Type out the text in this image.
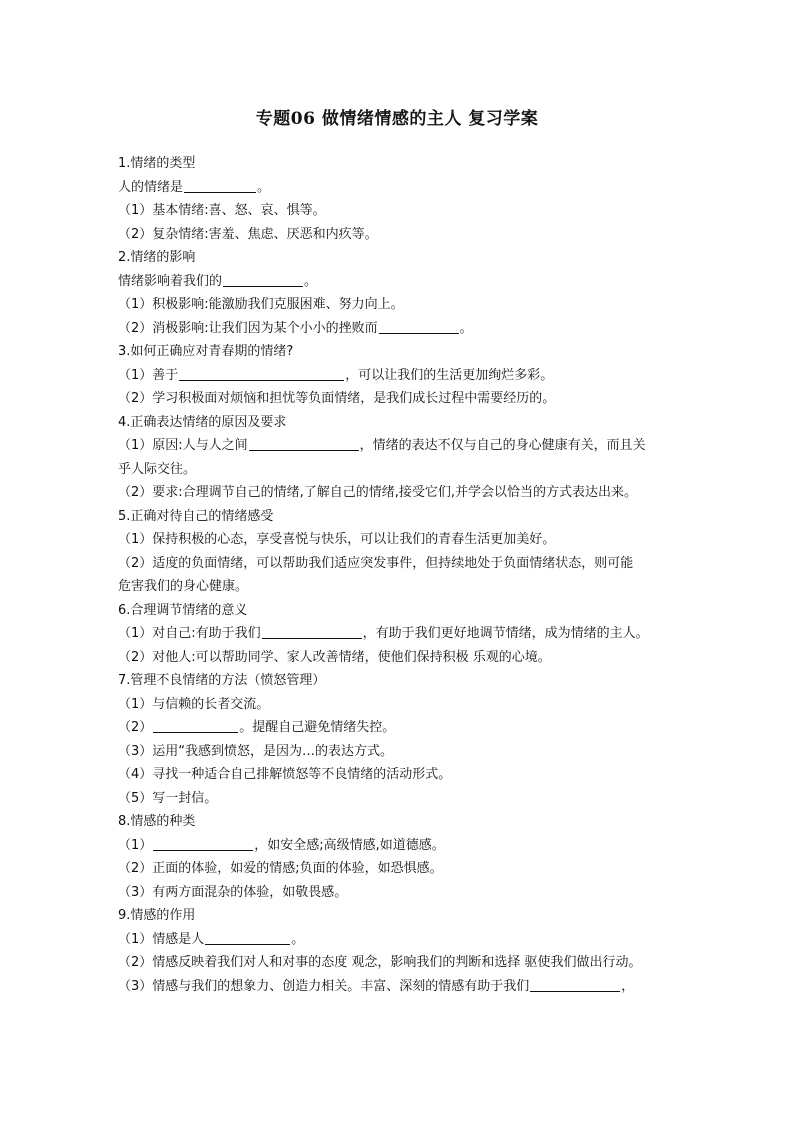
专题06 做情绪情感的主人 复习学案
1.情绪的类型
人的情绪是	。
（1）基本情绪:喜、怒、哀、惧等。
（2）复杂情绪:害羞、焦虑、厌恶和内疚等。
2.情绪的影响
情绪影响着我们的	。
（1）积极影响:能激励我们克服困难、努力向上。
（2）消极影响:让我们因为某个小小的挫败而	。
3.如何正确应对青春期的情绪?
（1）善于	，可以让我们的生活更加绚烂多彩。
（2）学习积极面对烦恼和担忧等负面情绪，是我们成长过程中需要经历的。
4.正确表达情绪的原因及要求
（1）原因:人与人之间	，情绪的表达不仅与自己的身心健康有关，而且关
乎人际交往。
（2）要求:合理调节自己的情绪,了解自己的情绪,接受它们,并学会以恰当的方式表达出来。
5.正确对待自己的情绪感受
（1）保持积极的心态，享受喜悦与快乐，可以让我们的青春生活更加美好。
（2）适度的负面情绪，可以帮助我们适应突发事件，但持续地处于负面情绪状态，则可能
危害我们的身心健康。
6.合理调节情绪的意义
（1）对自己:有助于我们	，有助于我们更好地调节情绪，成为情绪的主人。
（2）对他人:可以帮助同学、家人改善情绪，使他们保持积极 乐观的心境。
7.管理不良情绪的方法（愤怒管理）
（1）与信赖的长者交流。
（2）	。提醒自己避免情绪失控。
（3）运用“我感到愤怒，是因为…的表达方式。
（4）寻找一种适合自己排解愤怒等不良情绪的活动形式。
（5）写一封信。
8.情感的种类
（1）	，如安全感;高级情感,如道德感。
（2）正面的体验，如爱的情感;负面的体验，如恐惧感。
（3）有两方面混杂的体验，如敬畏感。
9.情感的作用
（1）情感是人	。
（2）情感反映着我们对人和对事的态度 观念，影响我们的判断和选择 驱使我们做出行动。
（3）情感与我们的想象力、创造力相关。丰富、深刻的情感有助于我们	，
